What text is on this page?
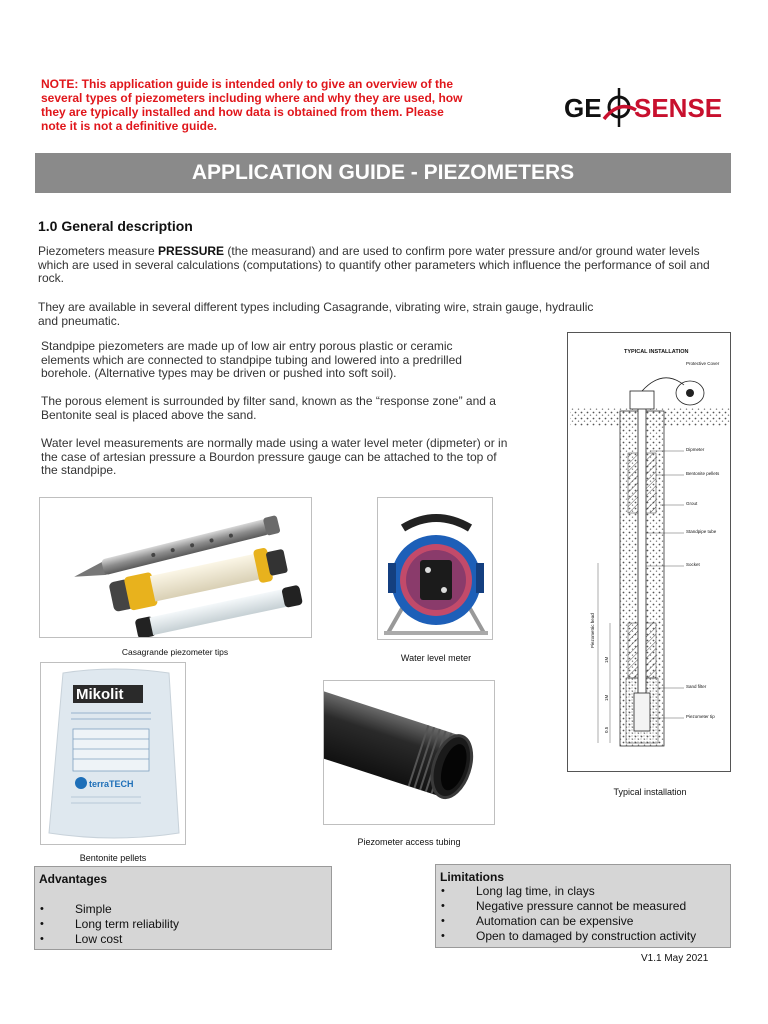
NOTE: This application guide is intended only to give an overview of the several types of piezometers including where and why they are used, how they are typically installed and how data is obtained from them. Please note it is not a definitive guide.
GE SENSE
APPLICATION GUIDE - PIEZOMETERS
1.0 General description
Piezometers measure PRESSURE (the measurand) and are used to confirm pore water pressure and/or ground water levels which are used in several calculations (computations) to quantify other parameters which influence the performance of soil and rock.
They are available in several different types including Casagrande, vibrating wire, strain gauge, hydraulic and pneumatic.
Standpipe piezometers are made up of low air entry porous plastic or ceramic elements which are connected to standpipe tubing and lowered into a predrilled borehole. (Alternative types may be driven or pushed into soft soil).
The porous element is surrounded by filter sand, known as the “response zone” and a Bentonite seal is placed above the sand.
Water level measurements are normally made using a water level meter (dipmeter) or in the case of artesian pressure a Bourdon pressure gauge can be attached to the top of the standpipe.
Casagrande piezometer tips
Water level meter
TYPICAL INSTALLATION
Protective Cover
Dipmeter
Bentonite pellets
Grout
Standpipe tube
Socket
Sand filter
Piezometer tip
Piezometric head
1M
1M
0.5
Typical installation
Mikolit
terraTECH
Bentonite pellets
Piezometer access tubing
Advantages
• Simple
• Long term reliability
• Low cost
Limitations
• Long lag time, in clays
• Negative pressure cannot be measured
• Automation can be expensive
• Open to damaged by construction activity
V1.1 May 2021
